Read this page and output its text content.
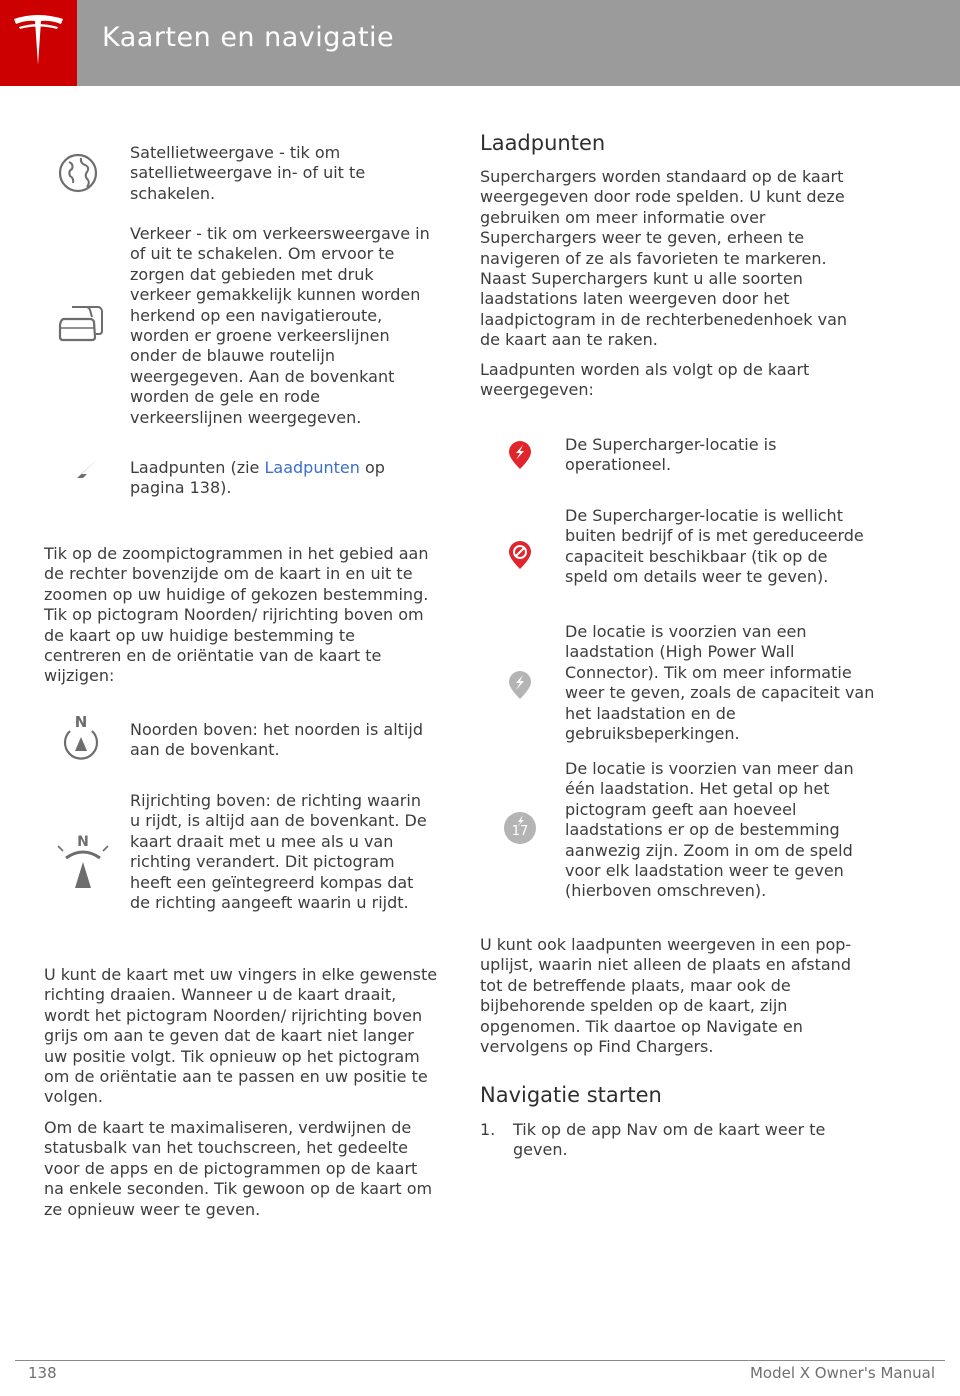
Kaarten en navigatie
Satellietweergave - tik om satellietweergave in- of uit te schakelen.
Verkeer - tik om verkeersweergave in of uit te schakelen. Om ervoor te zorgen dat gebieden met druk verkeer gemakkelijk kunnen worden herkend op een navigatieroute, worden er groene verkeerslijnen onder de blauwe routelijn weergegeven. Aan de bovenkant worden de gele en rode verkeerslijnen weergegeven.
Laadpunten (zie Laadpunten op pagina 138).
Tik op de zoompictogrammen in het gebied aan de rechter bovenzijde om de kaart in en uit te zoomen op uw huidige of gekozen bestemming. Tik op pictogram Noorden/ rijrichting boven om de kaart op uw huidige bestemming te centreren en de oriëntatie van de kaart te wijzigen:
N	Noorden boven: het noorden is altijd aan de bovenkant.
N
Rijrichting boven: de richting waarin u rijdt, is altijd aan de bovenkant. De kaart draait met u mee als u van richting verandert. Dit pictogram heeft een geïntegreerd kompas dat de richting aangeeft waarin u rijdt.
U kunt de kaart met uw vingers in elke gewenste richting draaien. Wanneer u de kaart draait, wordt het pictogram Noorden/ rijrichting boven grijs om aan te geven dat de kaart niet langer uw positie volgt. Tik opnieuw op het pictogram om de oriëntatie aan te passen en uw positie te volgen.
Om de kaart te maximaliseren, verdwijnen de statusbalk van het touchscreen, het gedeelte voor de apps en de pictogrammen op de kaart na enkele seconden. Tik gewoon op de kaart om ze opnieuw weer te geven.
Laadpunten
Superchargers worden standaard op de kaart weergegeven door rode spelden. U kunt deze gebruiken om meer informatie over Superchargers weer te geven, erheen te navigeren of ze als favorieten te markeren. Naast Superchargers kunt u alle soorten laadstations laten weergeven door het laadpictogram in de rechterbenedenhoek van de kaart aan te raken.
Laadpunten worden als volgt op de kaart weergegeven:
De Supercharger-locatie is operationeel.
De Supercharger-locatie is wellicht buiten bedrijf of is met gereduceerde capaciteit beschikbaar (tik op de speld om details weer te geven).
De locatie is voorzien van een laadstation (High Power Wall Connector). Tik om meer informatie weer te geven, zoals de capaciteit van het laadstation en de gebruiksbeperkingen.
17
De locatie is voorzien van meer dan één laadstation. Het getal op het pictogram geeft aan hoeveel laadstations er op de bestemming aanwezig zijn. Zoom in om de speld voor elk laadstation weer te geven (hierboven omschreven).
U kunt ook laadpunten weergeven in een pop-uplijst, waarin niet alleen de plaats en afstand tot de betreffende plaats, maar ook de bijbehorende spelden op de kaart, zijn opgenomen. Tik daartoe op Navigate en vervolgens op Find Chargers.
Navigatie starten
1.	Tik op de app Nav om de kaart weer te geven.
138	Model X Owner's Manual
